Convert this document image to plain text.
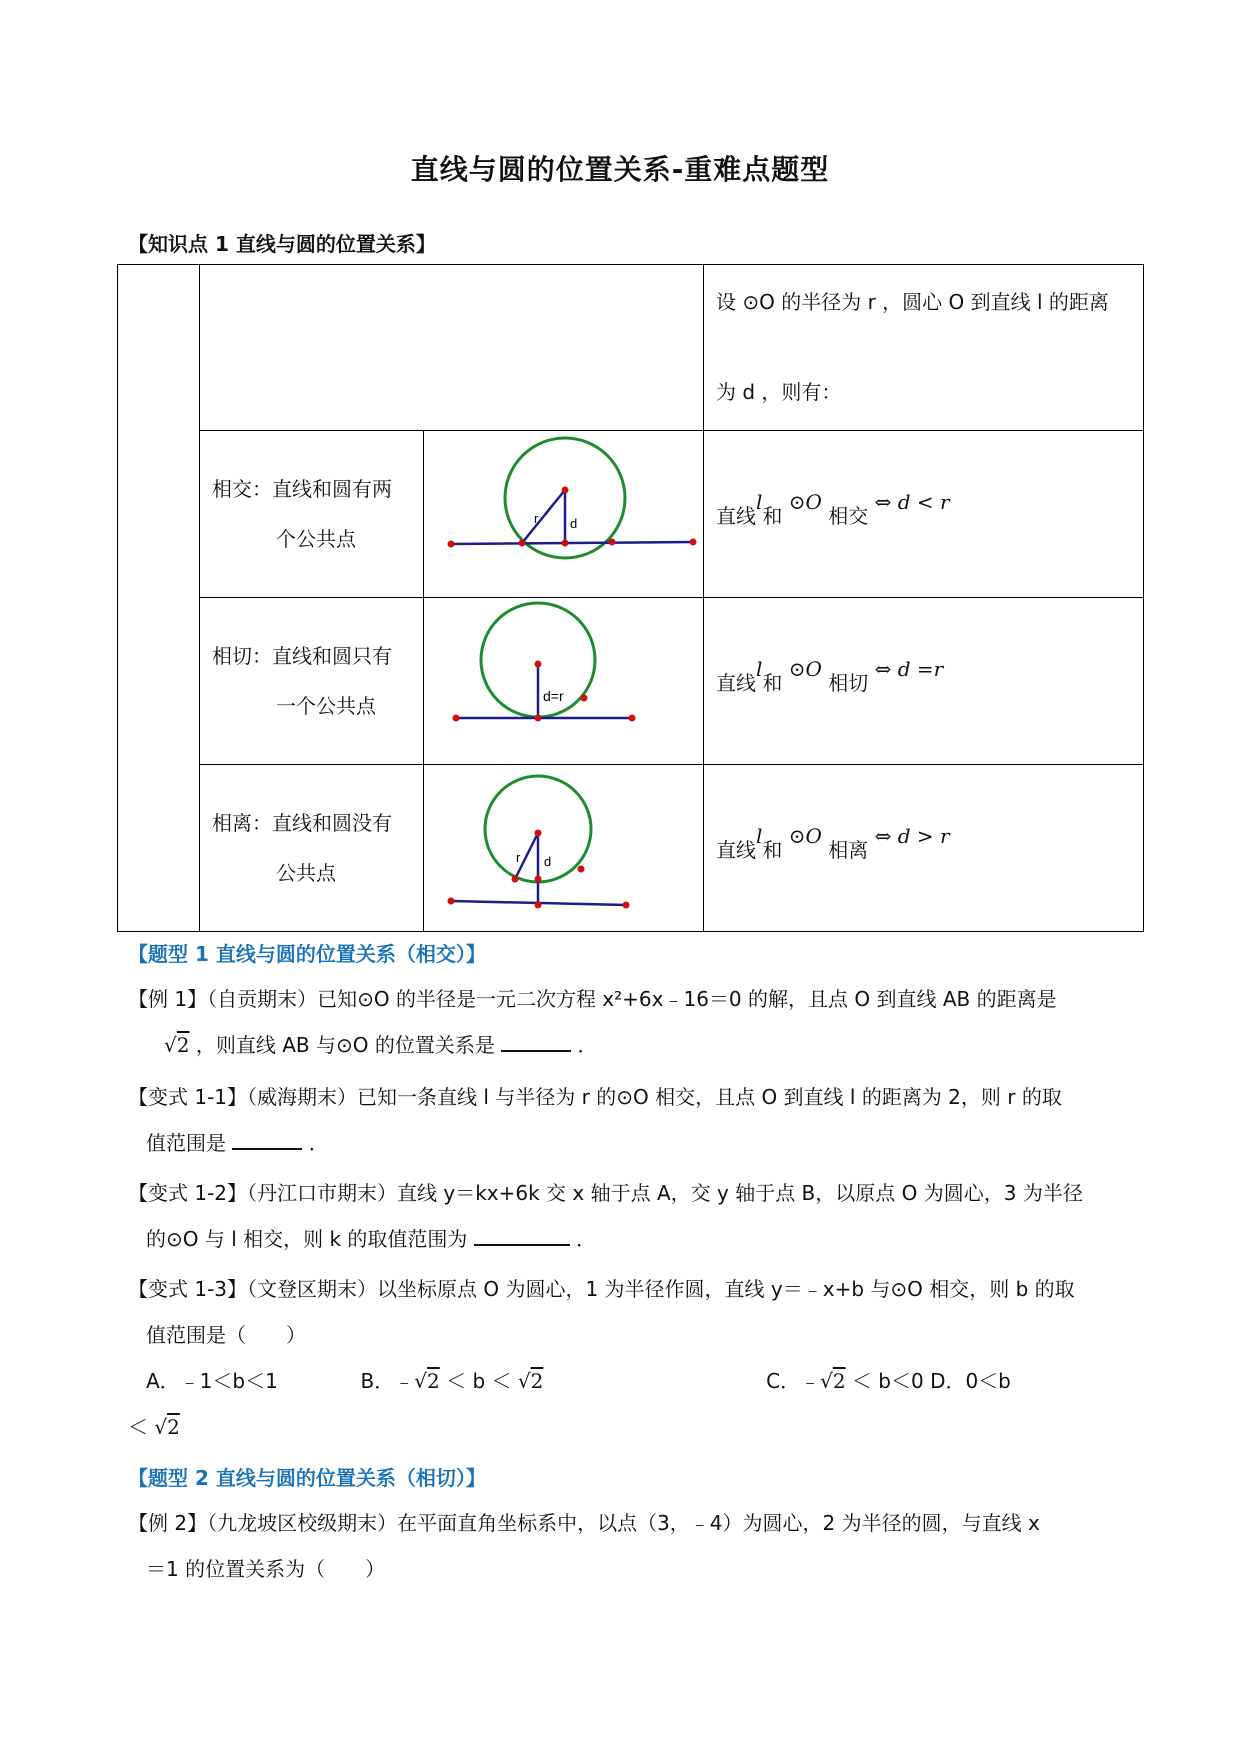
直线与圆的位置关系-重难点题型
【知识点 1 直线与圆的位置关系】

			设 ⊙O 的半径为 r ，圆心 O 到直线 l 的距离
为 d ，则有：

	相交：直线和圆有两
个公共点	r d	直线l和 ⊙O 相交 ⇔ d < r
	相切：直线和圆只有
一个公共点	d=r	直线l和 ⊙O 相切 ⇔ d =r
	相离：直线和圆没有
公共点	r d	直线l和 ⊙O 相离 ⇔ d > r
【题型 1 直线与圆的位置关系（相交）】
【例 1】（自贡期末）已知⊙O 的半径是一元二次方程 x²+6x﹣16＝0 的解，且点 O 到直线 AB 的距离是
√2 ，则直线 AB 与⊙O 的位置关系是	．
【变式 1-1】（威海期末）已知一条直线 l 与半径为 r 的⊙O 相交，且点 O 到直线 l 的距离为 2，则 r 的取
值范围是	．
【变式 1-2】（丹江口市期末）直线 y＝kx+6k 交 x 轴于点 A，交 y 轴于点 B，以原点 O 为圆心，3 为半径
的⊙O 与 l 相交，则 k 的取值范围为	．
【变式 1-3】（文登区期末）以坐标原点 O 为圆心，1 为半径作圆，直线 y＝﹣x+b 与⊙O 相交，则 b 的取
值范围是（　　）
A．﹣1＜b＜1	B．﹣√2 ＜ b ＜ √2	C．﹣√2 ＜ b＜0 D．0＜b
＜ √2
【题型 2 直线与圆的位置关系（相切）】
【例 2】（九龙坡区校级期末）在平面直角坐标系中，以点（3，﹣4）为圆心，2 为半径的圆，与直线 x
＝1 的位置关系为（　　）
